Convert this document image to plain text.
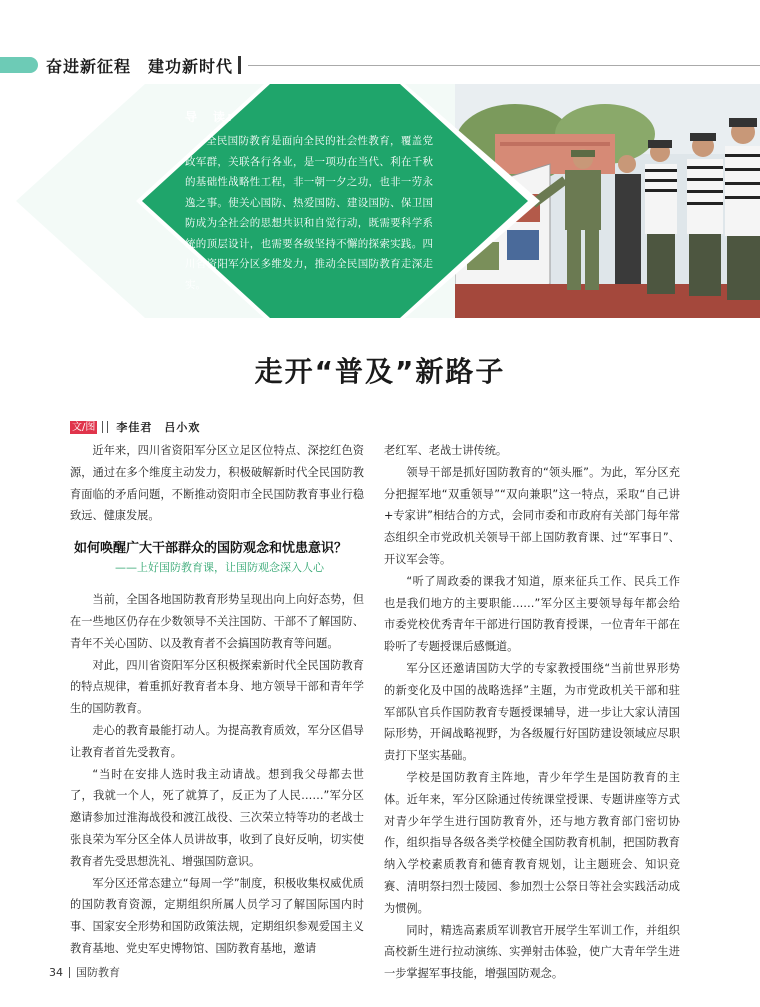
奋进新征程　建功新时代
导　读:
全民国防教育是面向全民的社会性教育，覆盖党政军群，关联各行各业，是一项功在当代、利在千秋的基础性战略性工程，非一朝一夕之功，也非一劳永逸之事。使关心国防、热爱国防、建设国防、保卫国防成为全社会的思想共识和自觉行动，既需要科学系统的顶层设计，也需要各级坚持不懈的探索实践。四川省资阳军分区多维发力，推动全民国防教育走深走实。
走开“普及”新路子
文/图 李佳君　吕小欢

近年来，四川省资阳军分区立足区位特点、深挖红色资源，通过在多个维度主动发力，积极破解新时代全民国防教育面临的矛盾问题，不断推动资阳市全民国防教育事业行稳致远、健康发展。

如何唤醒广大干部群众的国防观念和忧患意识？

——上好国防教育课，让国防观念深入人心

当前，全国各地国防教育形势呈现出向上向好态势，但在一些地区仍存在少数领导不关注国防、干部不了解国防、青年不关心国防、以及教育者不会搞国防教育等问题。

对此，四川省资阳军分区积极探索新时代全民国防教育的特点规律，着重抓好教育者本身、地方领导干部和青年学生的国防教育。

走心的教育最能打动人。为提高教育质效，军分区倡导让教育者首先受教育。

“当时在安排人选时我主动请战。想到我父母都去世了，我就一个人，死了就算了，反正为了人民……”军分区邀请参加过淮海战役和渡江战役、三次荣立特等功的老战士张良荣为军分区全体人员讲故事，收到了良好反响，切实使教育者先受思想洗礼、增强国防意识。

军分区还常态建立“每周一学”制度，积极收集权威优质的国防教育资源，定期组织所属人员学习了解国际国内时事、国家安全形势和国防政策法规，定期组织参观爱国主义教育基地、党史军史博物馆、国防教育基地，邀请

老红军、老战士讲传统。

领导干部是抓好国防教育的“领头雁”。为此，军分区充分把握军地“双重领导”“双向兼职”这一特点，采取“自己讲+专家讲”相结合的方式，会同市委和市政府有关部门每年常态组织全市党政机关领导干部上国防教育课、过“军事日”、开议军会等。

“听了周政委的课我才知道，原来征兵工作、民兵工作也是我们地方的主要职能……”军分区主要领导每年都会给市委党校优秀青年干部进行国防教育授课，一位青年干部在聆听了专题授课后感慨道。

军分区还邀请国防大学的专家教授围绕“当前世界形势的新变化及中国的战略选择”主题，为市党政机关干部和驻军部队官兵作国防教育专题授课辅导，进一步让大家认清国际形势，开阔战略视野，为各级履行好国防建设领域应尽职责打下坚实基础。

学校是国防教育主阵地，青少年学生是国防教育的主体。近年来，军分区除通过传统课堂授课、专题讲座等方式对青少年学生进行国防教育外，还与地方教育部门密切协作，组织指导各级各类学校健全国防教育机制，把国防教育纳入学校素质教育和德育教育规划，让主题班会、知识竞赛、清明祭扫烈士陵园、参加烈士公祭日等社会实践活动成为惯例。

同时，精选高素质军训教官开展学生军训工作，并组织高校新生进行拉动演练、实弹射击体验，使广大青年学生进一步掌握军事技能，增强国防观念。

34 国防教育
